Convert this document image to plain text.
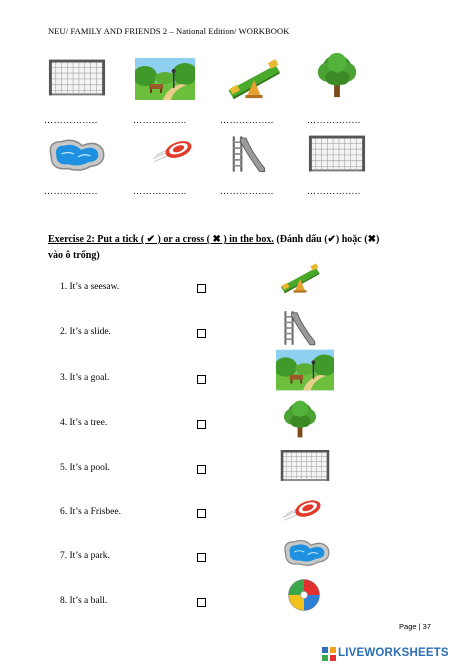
NEU/ FAMILY AND FRIENDS 2 – National Edition/ WORKBOOK
……………..	……………..	……………..	……………..
……………..	……………..	……………..	……………..
Exercise 2: Put a tick ( ✔ ) or a cross ( ✖ ) in the box. (Đánh dấu (✔) hoặc (✖)
vào ô trống)
1. It’s a seesaw.
2. It’s a slide.
3. It’s a goal.
4. It’s a tree.
5. It’s a pool.
6. It’s a Frisbee.
7. It’s a park.
8. It’s a ball.
Page | 37
LIVEWORKSHEETS
